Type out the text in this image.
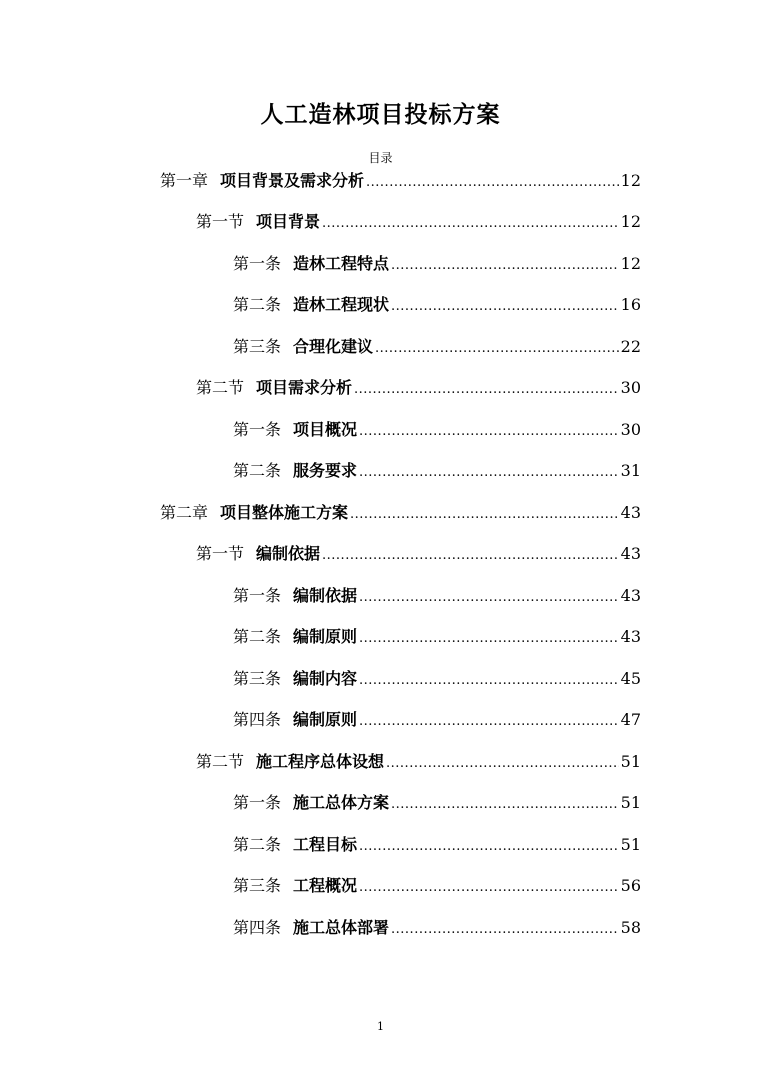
人工造林项目投标方案
目录
第一章 项目背景及需求分析 .....	12
第一节 项目背景 .....	12
第一条 造林工程特点 .....	12
第二条 造林工程现状 .....	16
第三条 合理化建议 .....	22
第二节 项目需求分析 .....	30
第一条 项目概况 .....	30
第二条 服务要求 .....	31
第二章 项目整体施工方案 .....	43
第一节 编制依据 .....	43
第一条 编制依据 .....	43
第二条 编制原则 .....	43
第三条 编制内容 .....	45
第四条 编制原则 .....	47
第二节 施工程序总体设想 .....	51
第一条 施工总体方案 .....	51
第二条 工程目标 .....	51
第三条 工程概况 .....	56
第四条 施工总体部署 .....	58
1
